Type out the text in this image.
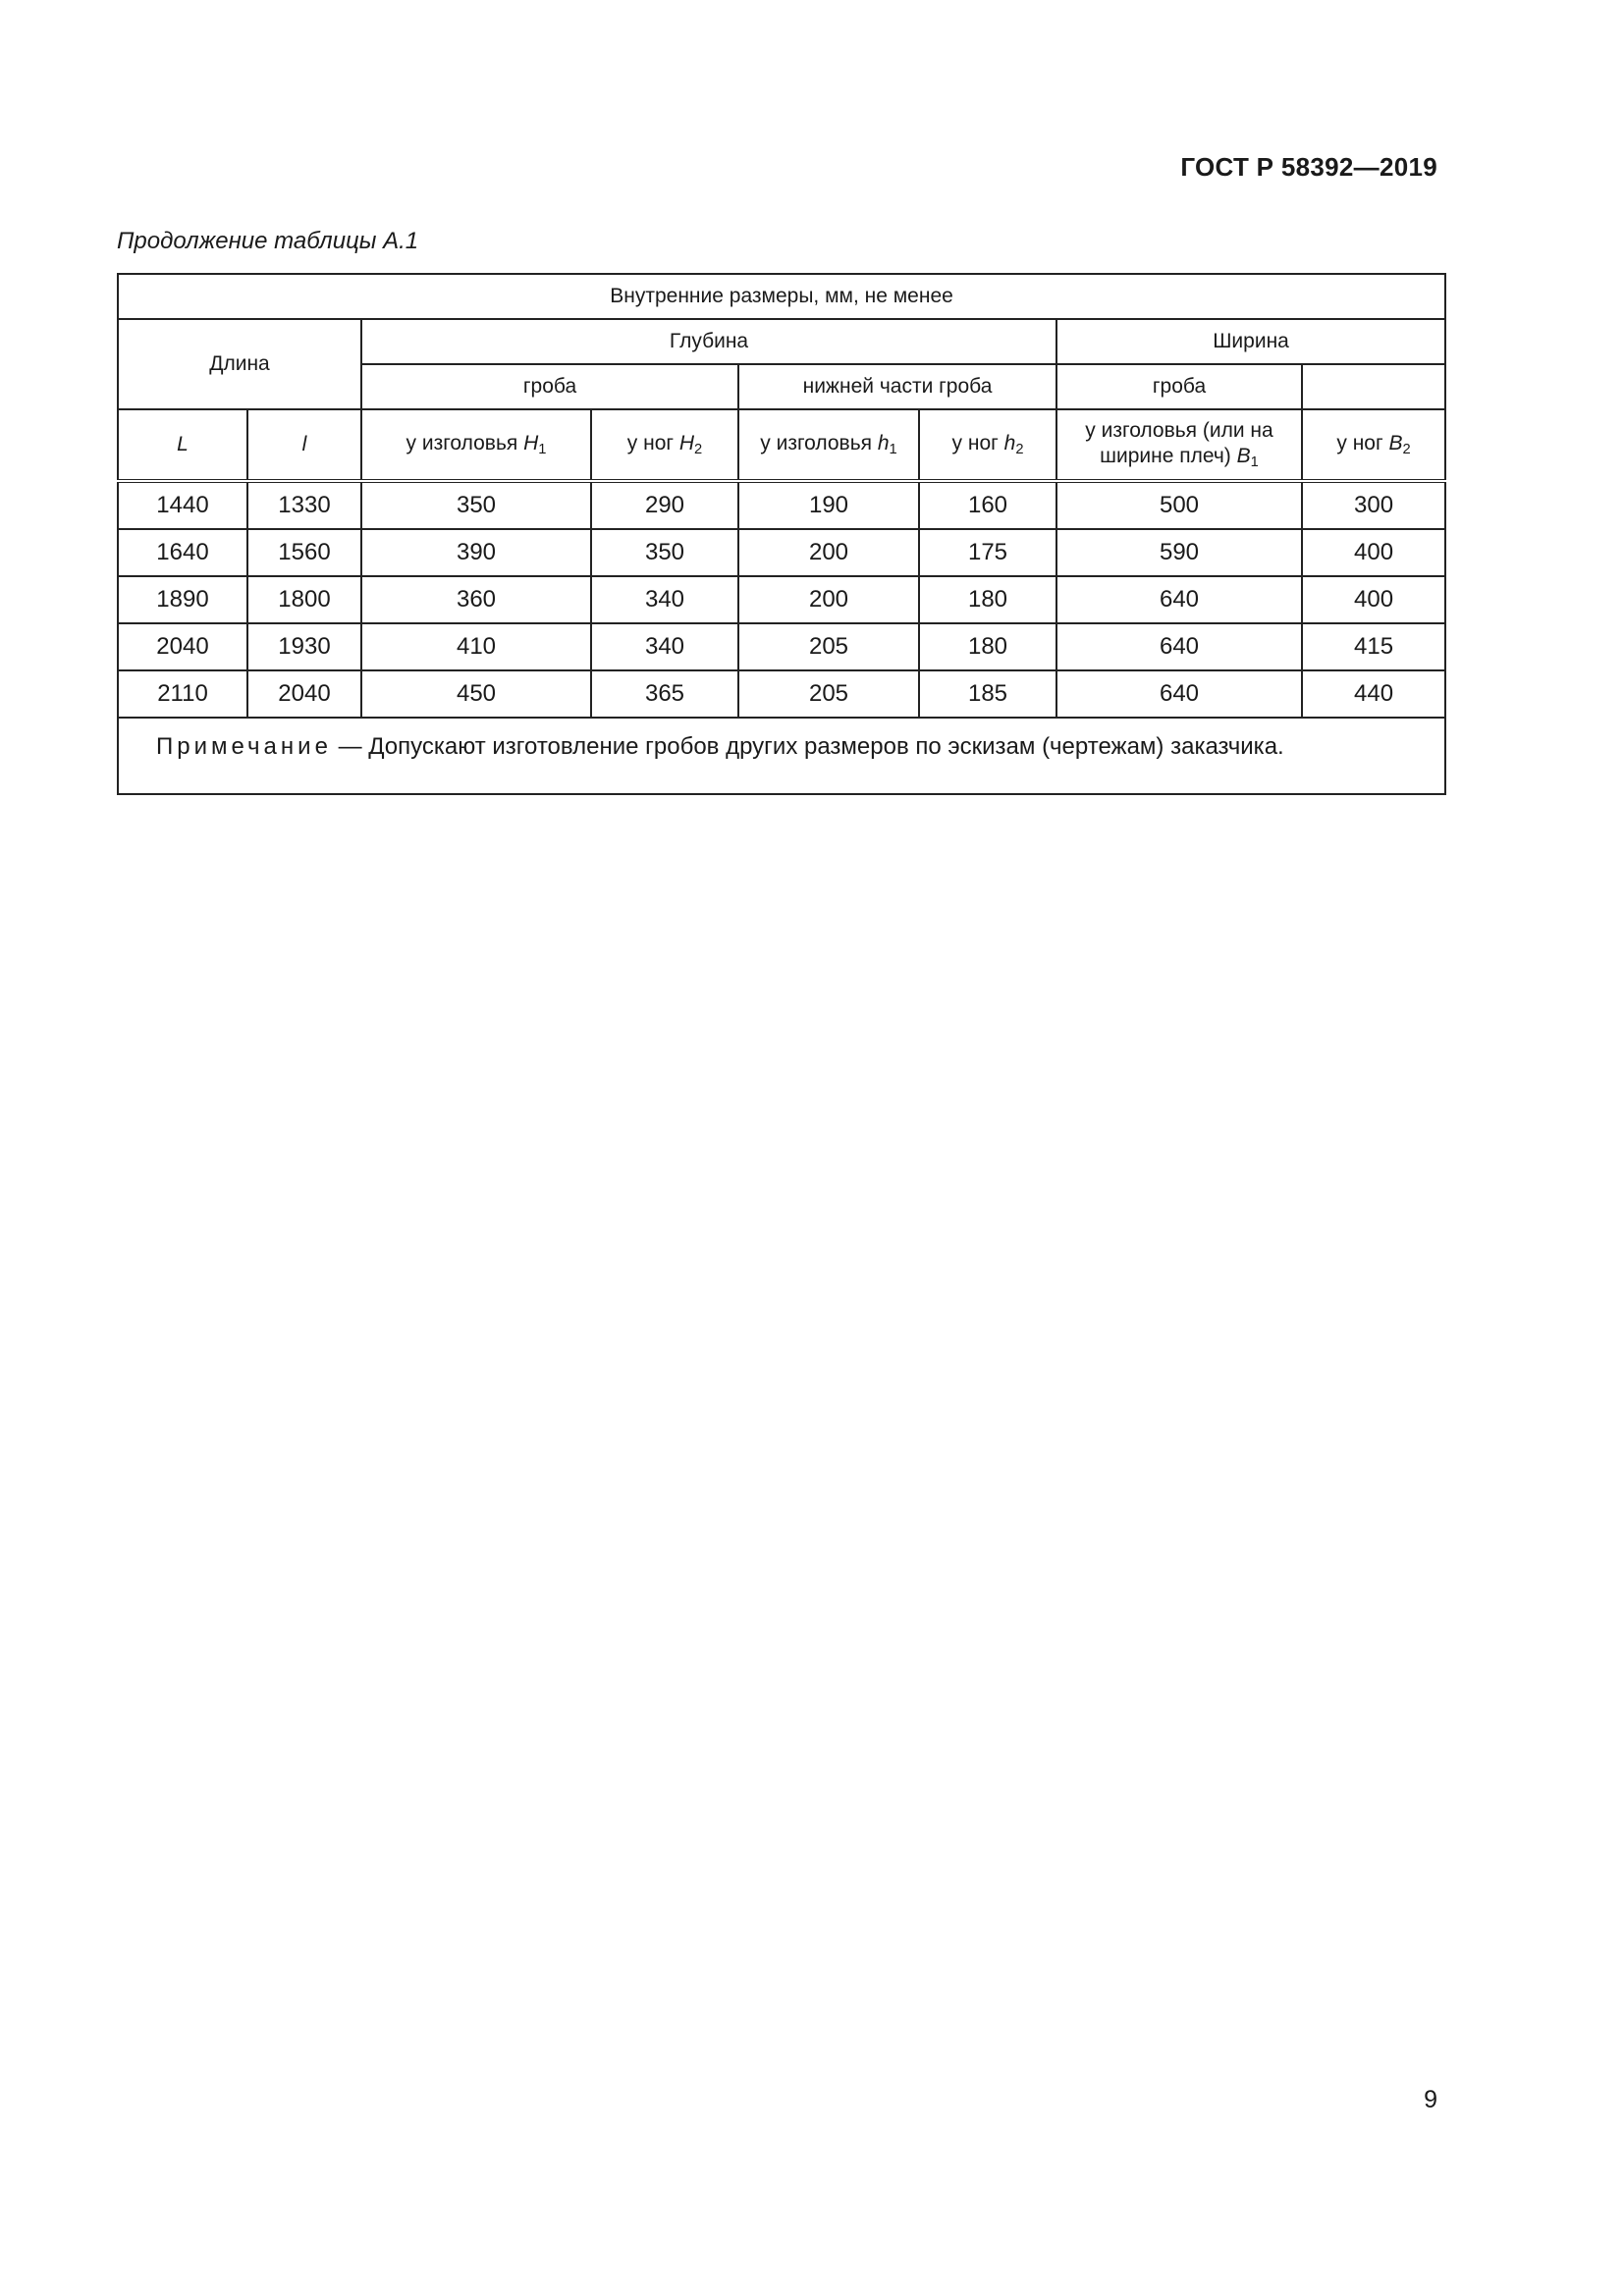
ГОСТ Р 58392—2019
Продолжение таблицы А.1
Внутренние размеры, мм, не менее							
Длина		Глубина				Ширина	
		гроба		нижней части гроба		гроба	
L	l	у изголовья $H_1$	у ног $H_2$	у изголовья $h_1$	у ног $h_2$	у изголовья (или на
ширине плеч) $B_1$	у ног $B_2$
1440	1330	350	290	190	160	500	300
1640	1560	390	350	200	175	590	400
1890	1800	360	340	200	180	640	400
2040	1930	410	340	205	180	640	415
2110	2040	450	365	205	185	640	440
Примечание — Допускают изготовление гробов других размеров по эскизам (чертежам) заказчика.							
9
